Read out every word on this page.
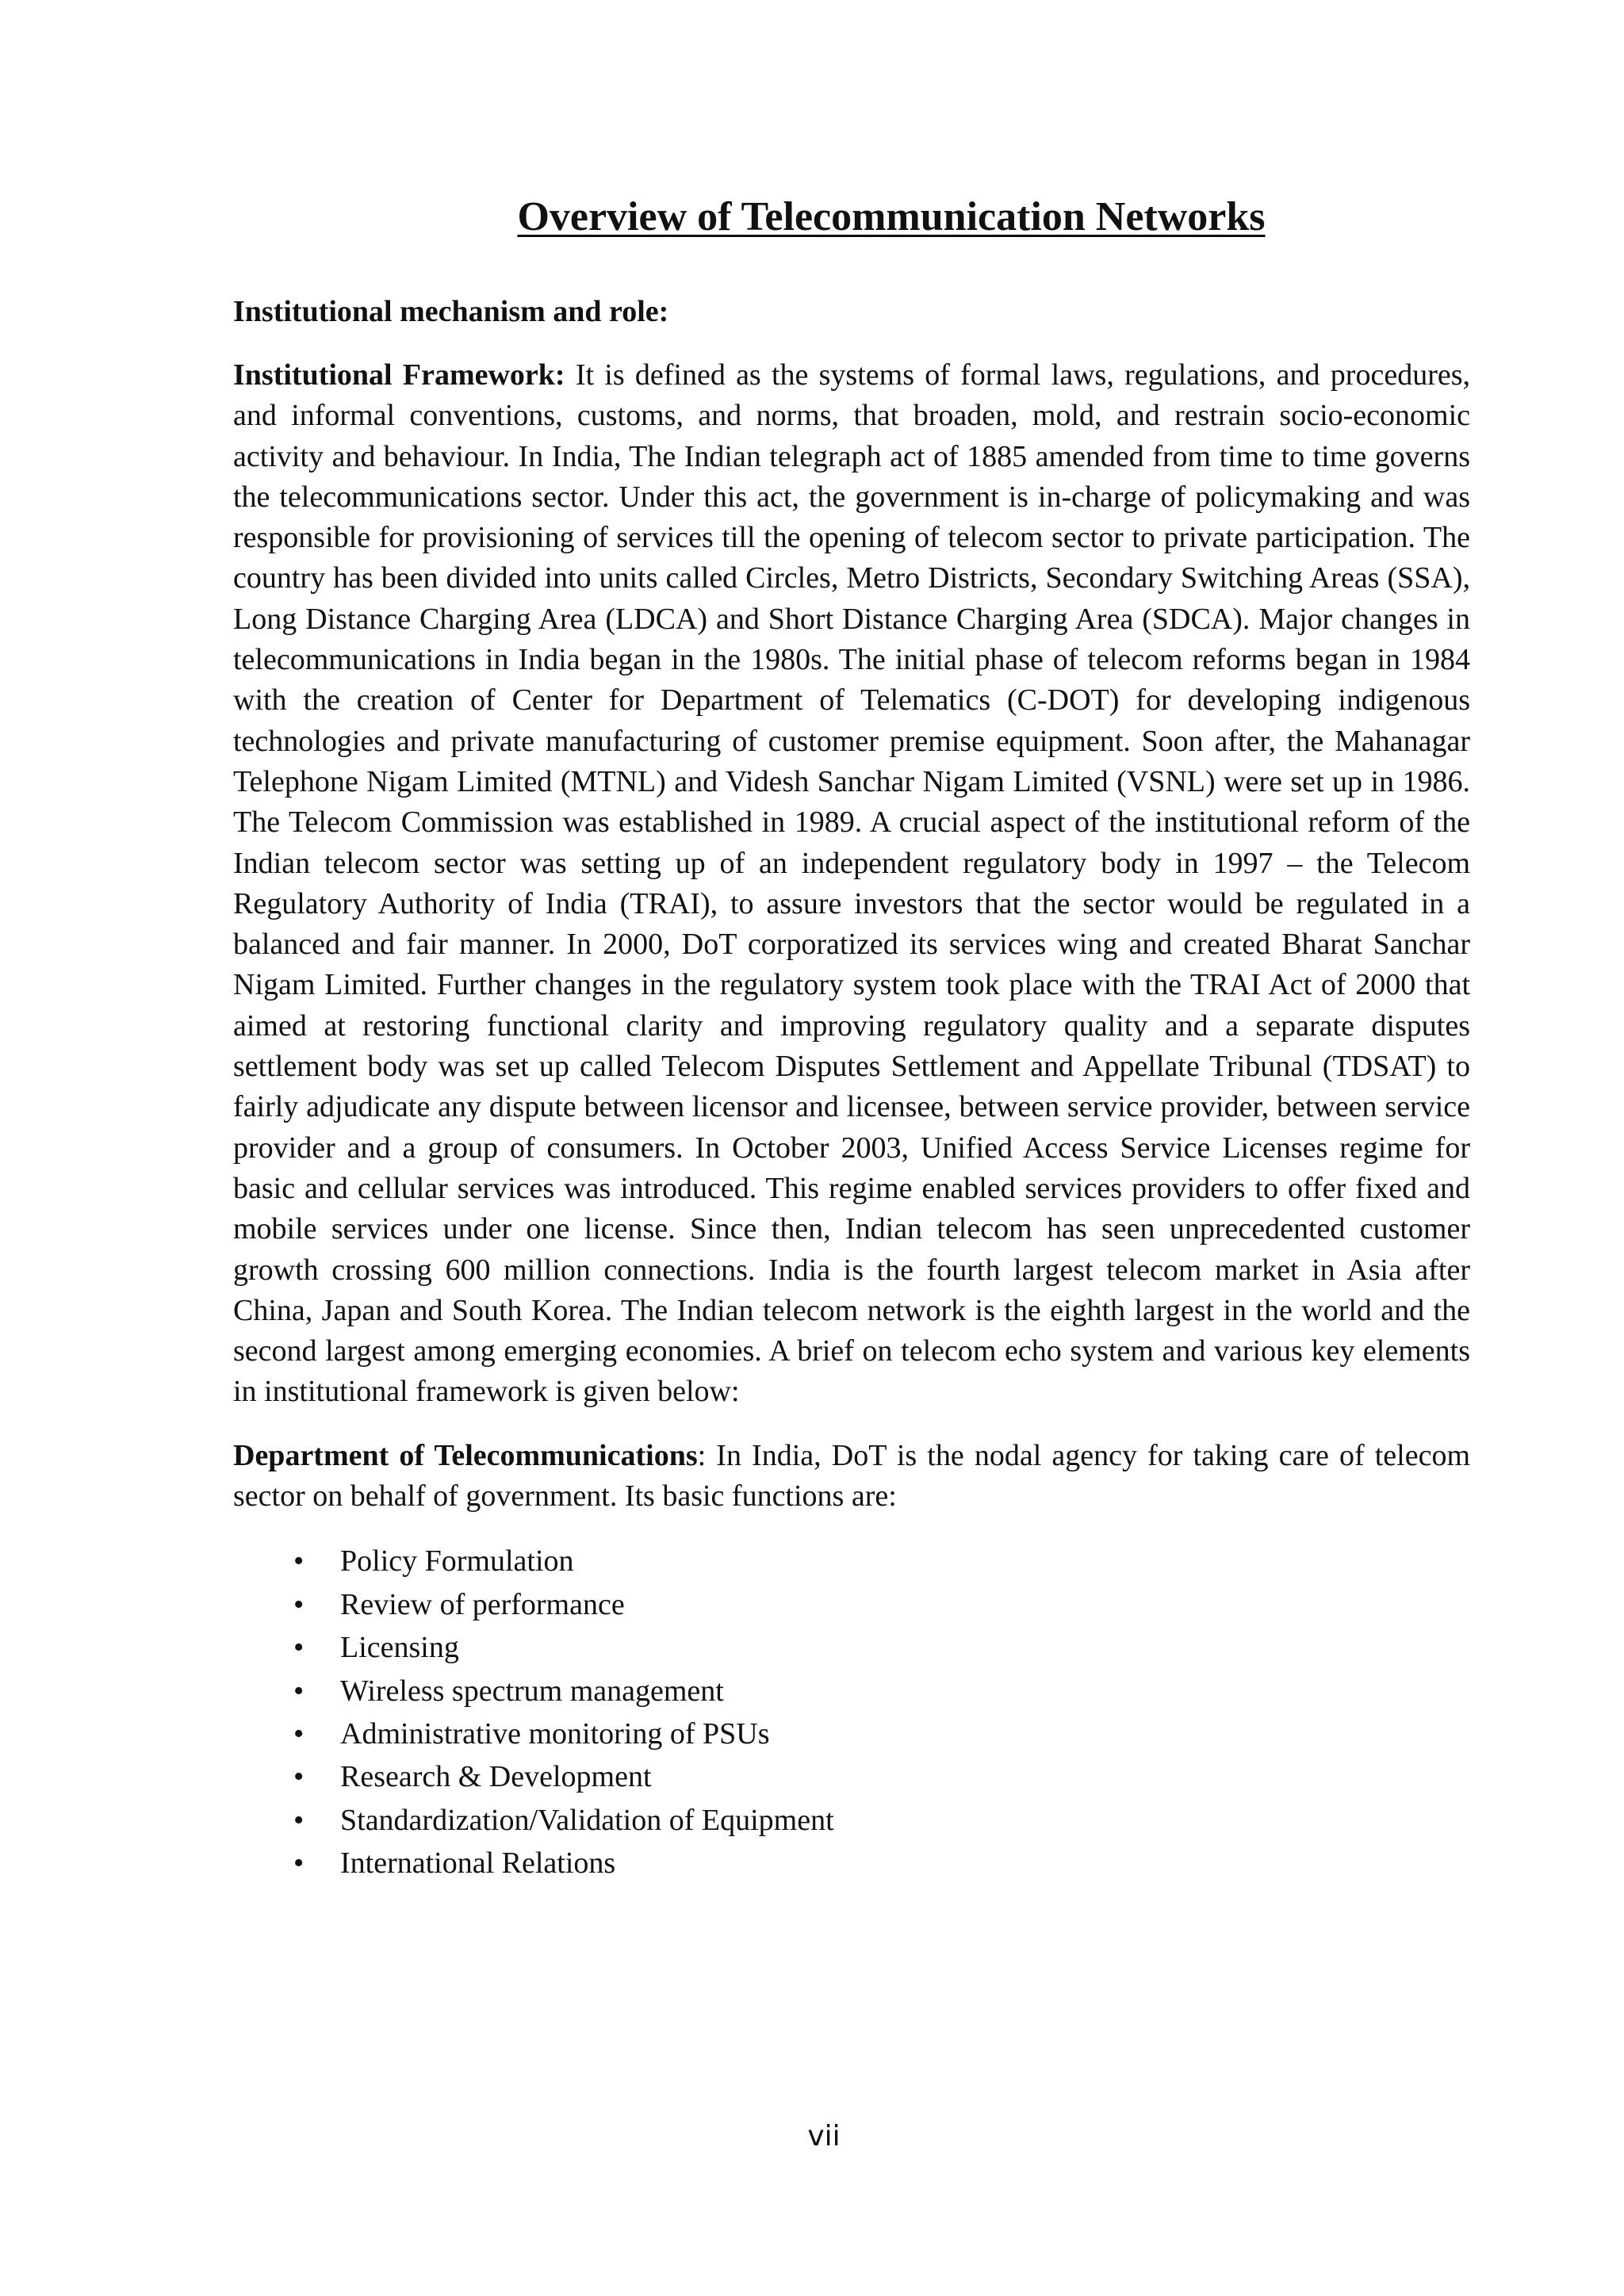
Overview of Telecommunication Networks
Institutional mechanism and role:

Institutional Framework: It is defined as the systems of formal laws, regulations, and procedures, and informal conventions, customs, and norms, that broaden, mold, and restrain socio-economic activity and behaviour. In India, The Indian telegraph act of 1885 amended from time to time governs the telecommunications sector. Under this act, the government is in-charge of policymaking and was responsible for provisioning of services till the opening of telecom sector to private participation. The country has been divided into units called Circles, Metro Districts, Secondary Switching Areas (SSA), Long Distance Charging Area (LDCA) and Short Distance Charging Area (SDCA). Major changes in telecommunications in India began in the 1980s. The initial phase of telecom reforms began in 1984 with the creation of Center for Department of Telematics (C-DOT) for developing indigenous technologies and private manufacturing of customer premise equipment. Soon after, the Mahanagar Telephone Nigam Limited (MTNL) and Videsh Sanchar Nigam Limited (VSNL) were set up in 1986. The Telecom Commission was established in 1989. A crucial aspect of the institutional reform of the Indian telecom sector was setting up of an independent regulatory body in 1997 – the Telecom Regulatory Authority of India (TRAI), to assure investors that the sector would be regulated in a balanced and fair manner. In 2000, DoT corporatized its services wing and created Bharat Sanchar Nigam Limited. Further changes in the regulatory system took place with the TRAI Act of 2000 that aimed at restoring functional clarity and improving regulatory quality and a separate disputes settlement body was set up called Telecom Disputes Settlement and Appellate Tribunal (TDSAT) to fairly adjudicate any dispute between licensor and licensee, between service provider, between service provider and a group of consumers. In October 2003, Unified Access Service Licenses regime for basic and cellular services was introduced. This regime enabled services providers to offer fixed and mobile services under one license. Since then, Indian telecom has seen unprecedented customer growth crossing 600 million connections. India is the fourth largest telecom market in Asia after China, Japan and South Korea. The Indian telecom network is the eighth largest in the world and the second largest among emerging economies. A brief on telecom echo system and various key elements in institutional framework is given below:

Department of Telecommunications: In India, DoT is the nodal agency for taking care of telecom sector on behalf of government. Its basic functions are:

• Policy Formulation
• Review of performance
• Licensing
• Wireless spectrum management
• Administrative monitoring of PSUs
• Research & Development
• Standardization/Validation of Equipment
• International Relations
vii
